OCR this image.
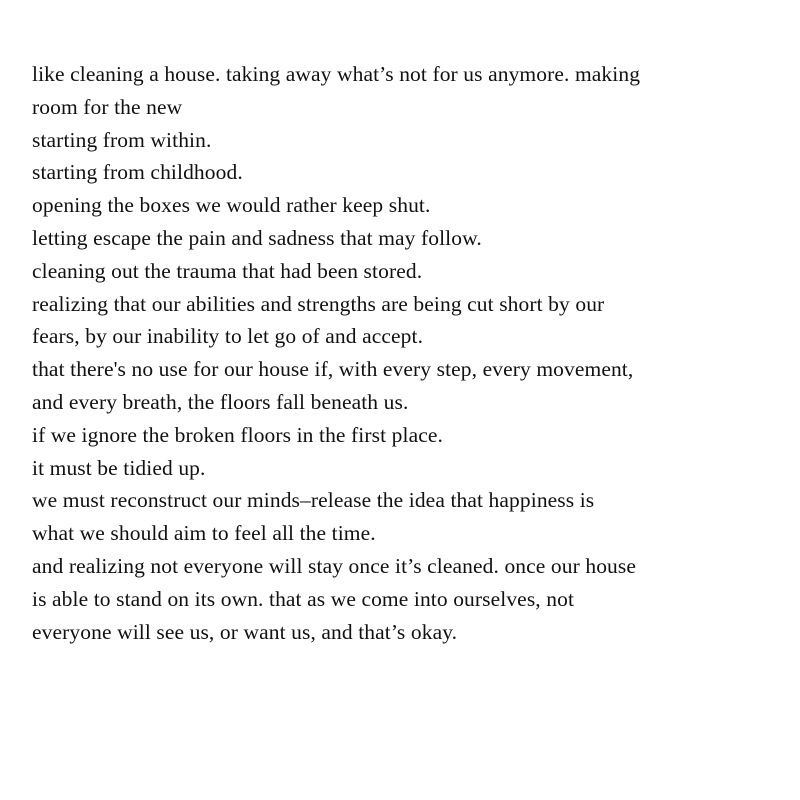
like cleaning a house. taking away what’s not for us anymore. making
room for the new
starting from within.
starting from childhood.
opening the boxes we would rather keep shut.
letting escape the pain and sadness that may follow.
cleaning out the trauma that had been stored.
realizing that our abilities and strengths are being cut short by our
fears, by our inability to let go of and accept.
that there's no use for our house if, with every step, every movement,
and every breath, the floors fall beneath us.
if we ignore the broken floors in the first place.
it must be tidied up.
we must reconstruct our minds–release the idea that happiness is
what we should aim to feel all the time.
and realizing not everyone will stay once it’s cleaned. once our house
is able to stand on its own. that as we come into ourselves, not
everyone will see us, or want us, and that’s okay.
